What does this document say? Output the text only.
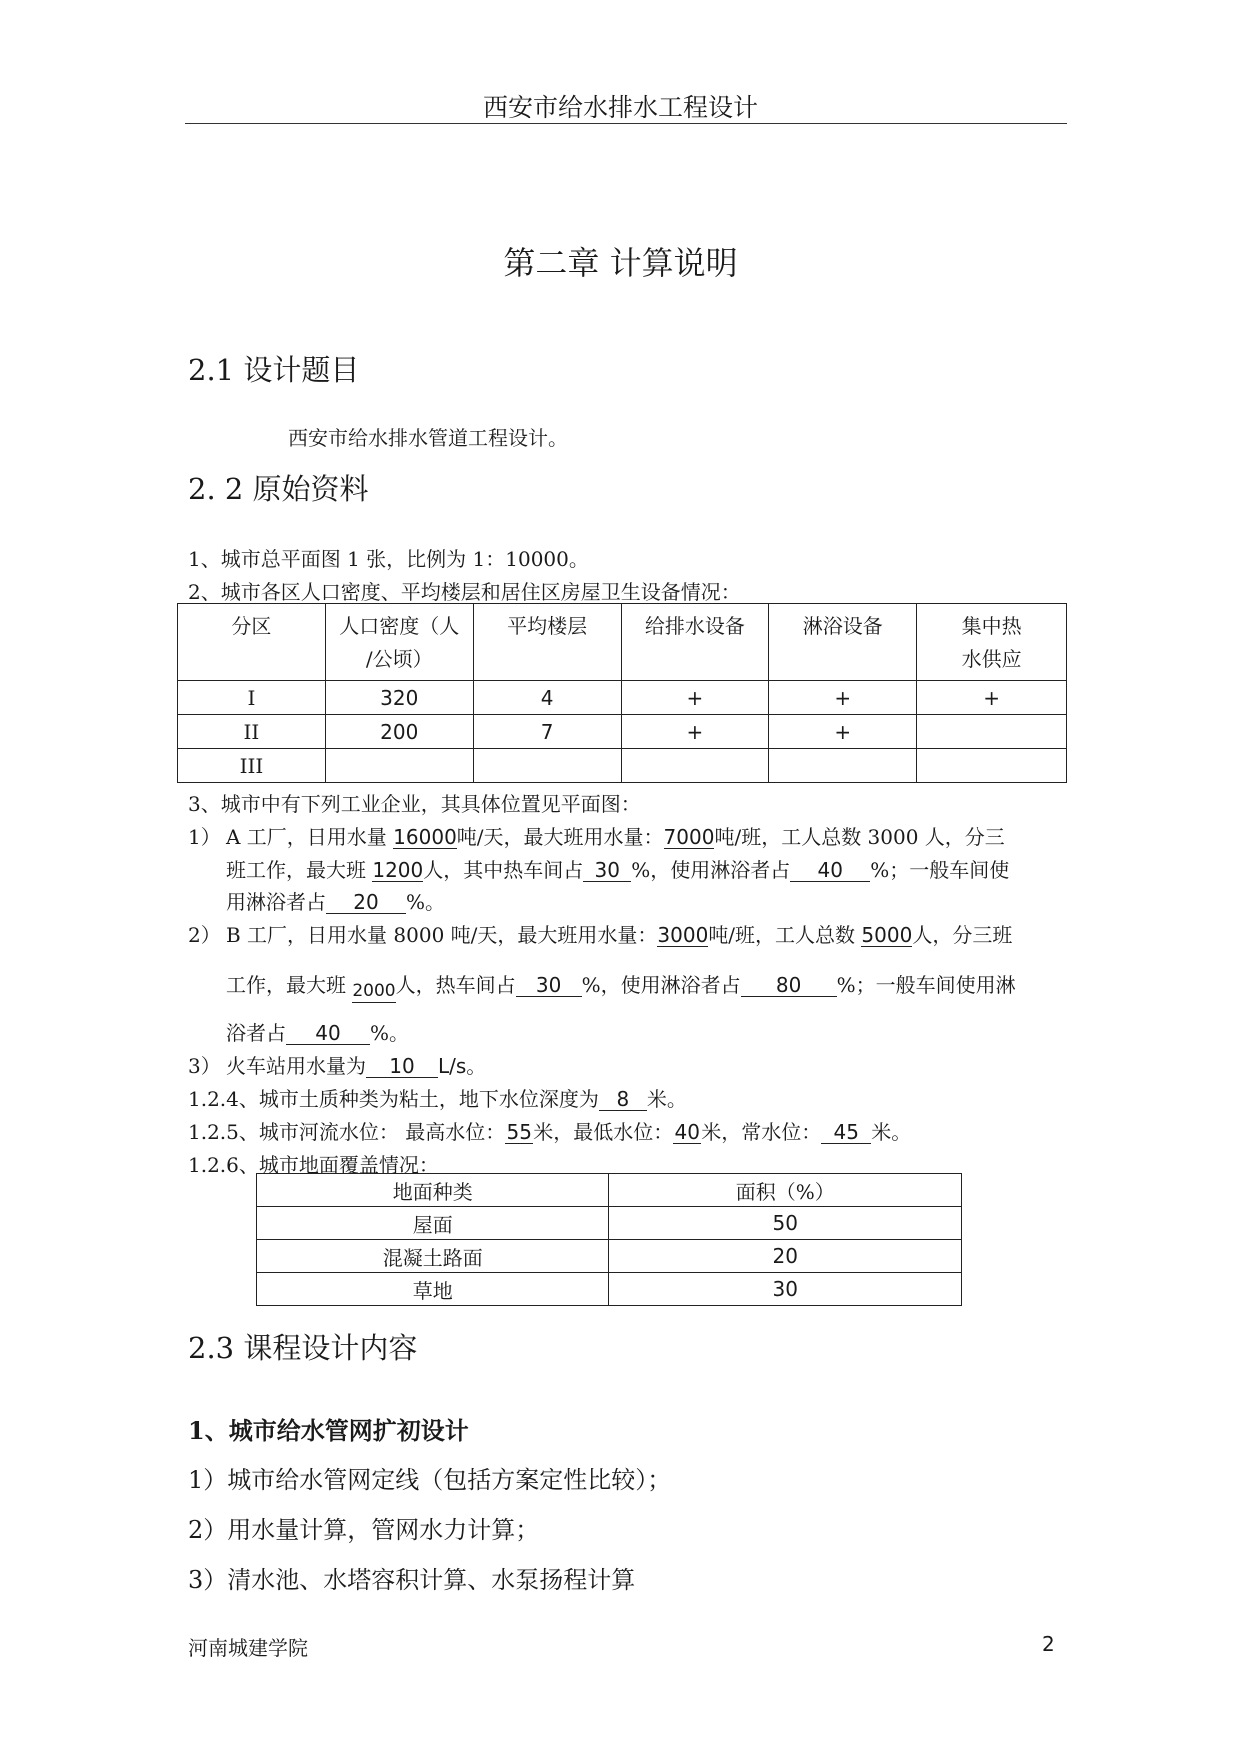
西安市给水排水工程设计
第二章 计算说明
2.1 设计题目
西安市给水排水管道工程设计。
2. 2 原始资料
1、城市总平面图 1 张，比例为 1：10000。
2、城市各区人口密度、平均楼层和居住区房屋卫生设备情况：
分区	人口密度（人
/公顷）	平均楼层	给排水设备	淋浴设备	集中热
水供应
I	320	4	+	+	+
II	200	7	+	+	
III					
3、城市中有下列工业企业，其具体位置见平面图：
1） A 工厂，日用水量 16000吨/天，最大班用水量：7000吨/班，工人总数 3000 人，分三
班工作，最大班 1200人，其中热车间占 30%，使用淋浴者占 40 %；一般车间使
用淋浴者占 20 %。
2） B 工厂，日用水量 8000 吨/天，最大班用水量：3000吨/班，工人总数 5000人，分三班
工作，最大班 2000人，热车间占 30 %，使用淋浴者占 80 %；一般车间使用淋
浴者占 40 %。
3） 火车站用水量为 10L/s。
1.2.4、城市土质种类为粘土，地下水位深度为 8 米。
1.2.5、城市河流水位： 最高水位：55米，最低水位：40米，常水位： 45米。
1.2.6、城市地面覆盖情况：
地面种类	面积（%）
屋面	50
混凝土路面	20
草地	30
2.3 课程设计内容
1、城市给水管网扩初设计
1）城市给水管网定线（包括方案定性比较）；
2）用水量计算，管网水力计算；
3）清水池、水塔容积计算、水泵扬程计算
河南城建学院	2
